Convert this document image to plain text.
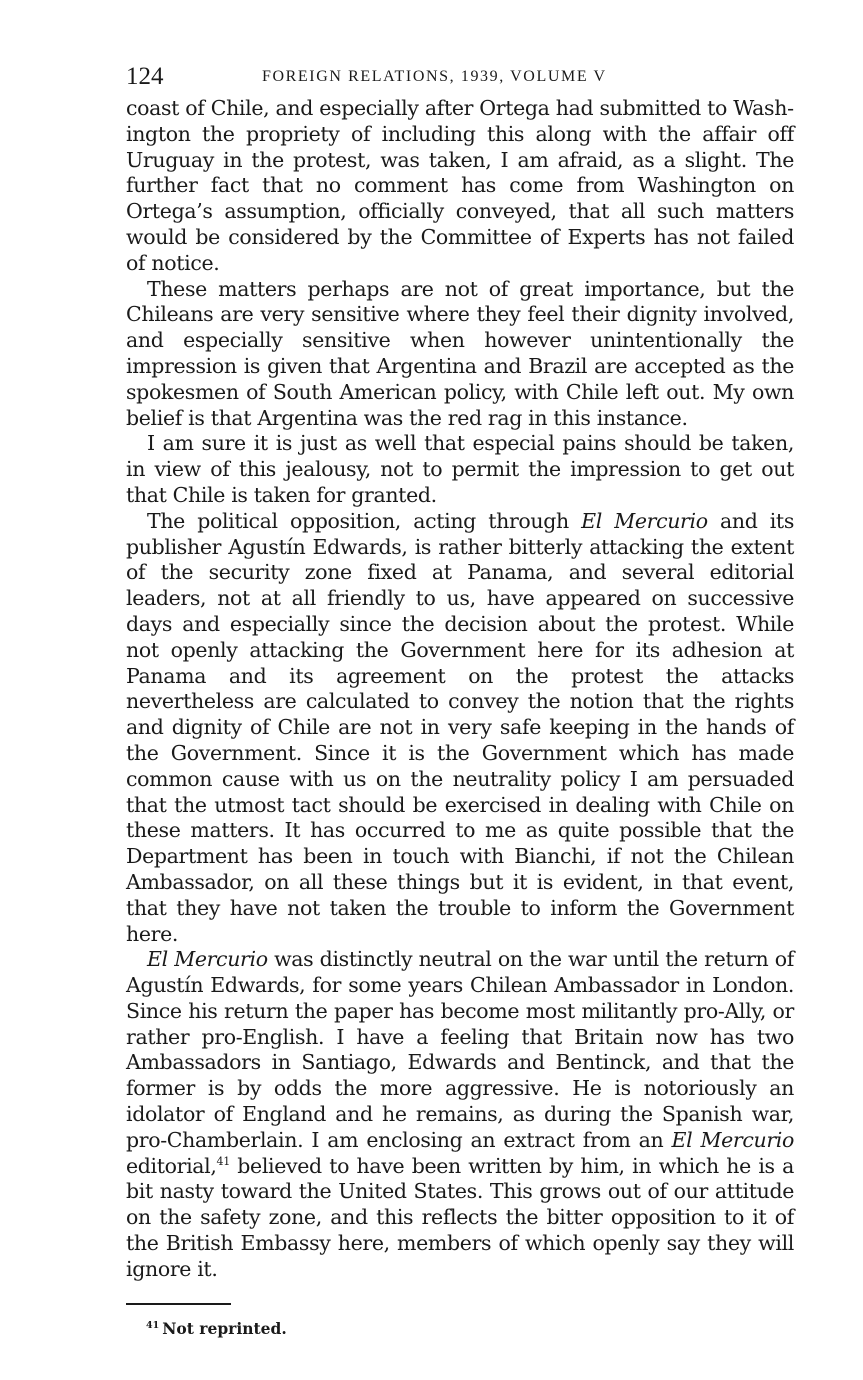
124	FOREIGN RELATIONS, 1939, VOLUME V

coast of Chile, and especially after Ortega had submitted to Washington the propriety of including this along with the affair off Uruguay in the protest, was taken, I am afraid, as a slight. The further fact that no comment has come from Washington on Ortega’s assumption, officially conveyed, that all such matters would be considered by the Committee of Experts has not failed of notice.

These matters perhaps are not of great importance, but the Chileans are very sensitive where they feel their dignity involved, and especially sensitive when however unintentionally the impression is given that Argentina and Brazil are accepted as the spokesmen of South American policy, with Chile left out. My own belief is that Argentina was the red rag in this instance.

I am sure it is just as well that especial pains should be taken, in view of this jealousy, not to permit the impression to get out that Chile is taken for granted.

The political opposition, acting through El Mercurio and its publisher Agustín Edwards, is rather bitterly attacking the extent of the security zone fixed at Panama, and several editorial leaders, not at all friendly to us, have appeared on successive days and especially since the decision about the protest. While not openly attacking the Government here for its adhesion at Panama and its agreement on the protest the attacks nevertheless are calculated to convey the notion that the rights and dignity of Chile are not in very safe keeping in the hands of the Government. Since it is the Government which has made common cause with us on the neutrality policy I am persuaded that the utmost tact should be exercised in dealing with Chile on these matters. It has occurred to me as quite possible that the Department has been in touch with Bianchi, if not the Chilean Ambassador, on all these things but it is evident, in that event, that they have not taken the trouble to inform the Government here.

El Mercurio was distinctly neutral on the war until the return of Agustín Edwards, for some years Chilean Ambassador in London. Since his return the paper has become most militantly pro-Ally, or rather pro-English. I have a feeling that Britain now has two Ambassadors in Santiago, Edwards and Bentinck, and that the former is by odds the more aggressive. He is notoriously an idolator of England and he remains, as during the Spanish war, pro-Chamberlain. I am enclosing an extract from an El Mercurio editorial,$^{41}$ believed to have been written by him, in which he is a bit nasty toward the United States. This grows out of our attitude on the safety zone, and this reflects the bitter opposition to it of the British Embassy here, members of which openly say they will ignore it.

$^{41}$ Not reprinted.
